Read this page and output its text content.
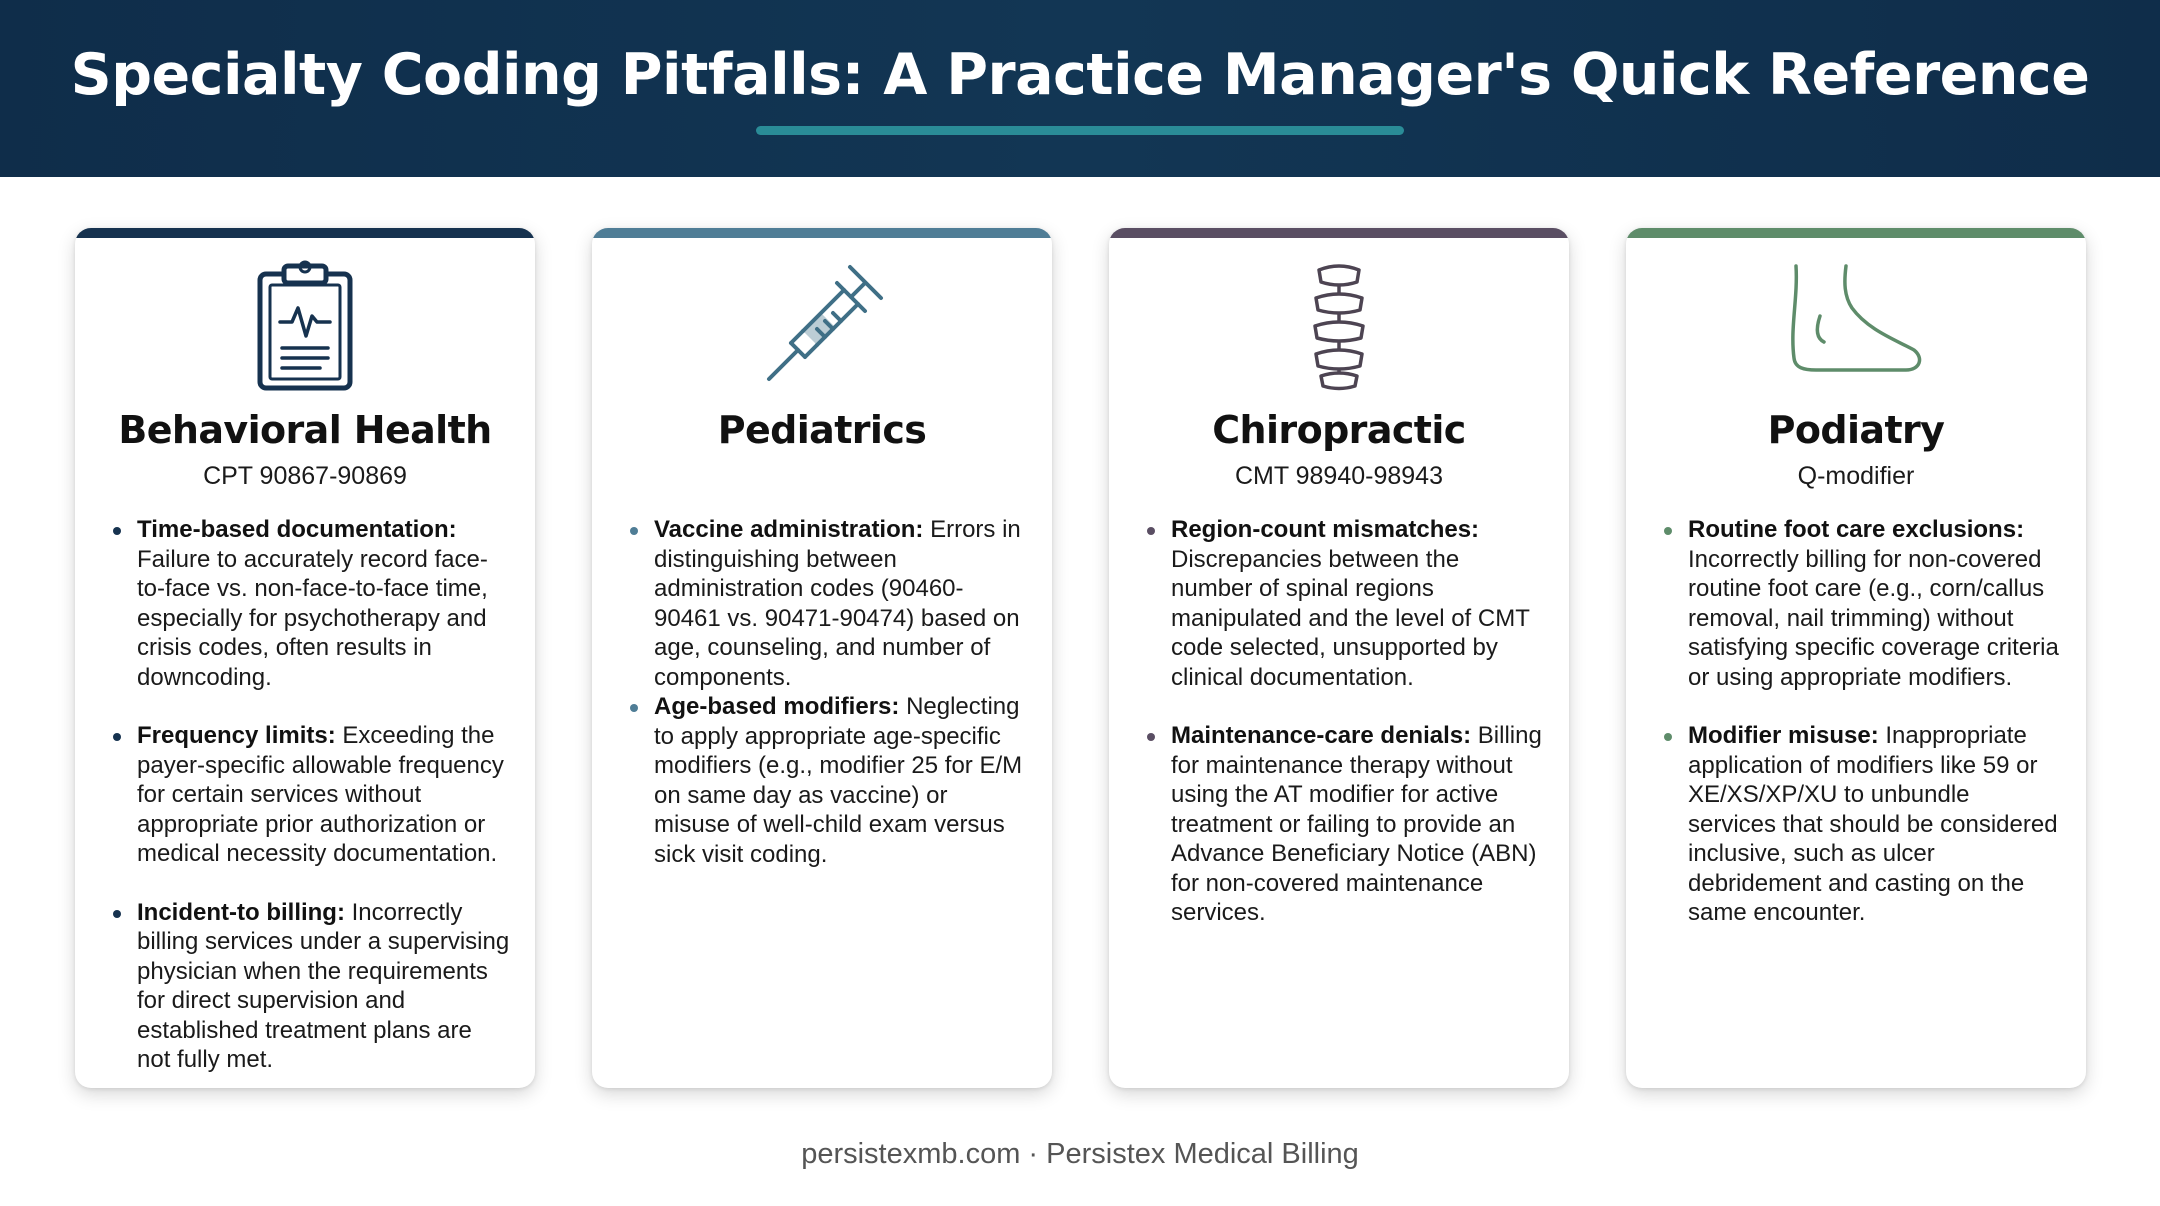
Specialty Coding Pitfalls: A Practice Manager's Quick Reference
Behavioral Health
CPT 90867-90869
Time-based documentation: Failure to accurately record face-to-face vs. non-face-to-face time, especially for psychotherapy and crisis codes, often results in downcoding.
Frequency limits: Exceeding the payer-specific allowable frequency for certain services without appropriate prior authorization or medical necessity documentation.
Incident-to billing: Incorrectly billing services under a supervising physician when the requirements for direct supervision and established treatment plans are not fully met.
Pediatrics
Vaccine administration: Errors in distinguishing between administration codes (90460-90461 vs. 90471-90474) based on age, counseling, and number of components.
Age-based modifiers: Neglecting to apply appropriate age-specific modifiers (e.g., modifier 25 for E/M on same day as vaccine) or misuse of well-child exam versus sick visit coding.
Chiropractic
CMT 98940-98943
Region-count mismatches: Discrepancies between the number of spinal regions manipulated and the level of CMT code selected, unsupported by clinical documentation.
Maintenance-care denials: Billing for maintenance therapy without using the AT modifier for active treatment or failing to provide an Advance Beneficiary Notice (ABN) for non-covered maintenance services.
Podiatry
Q-modifier
Routine foot care exclusions: Incorrectly billing for non-covered routine foot care (e.g., corn/callus removal, nail trimming) without satisfying specific coverage criteria or using appropriate modifiers.
Modifier misuse: Inappropriate application of modifiers like 59 or XE/XS/XP/XU to unbundle services that should be considered inclusive, such as ulcer debridement and casting on the same encounter.
persistexmb.com · Persistex Medical Billing
